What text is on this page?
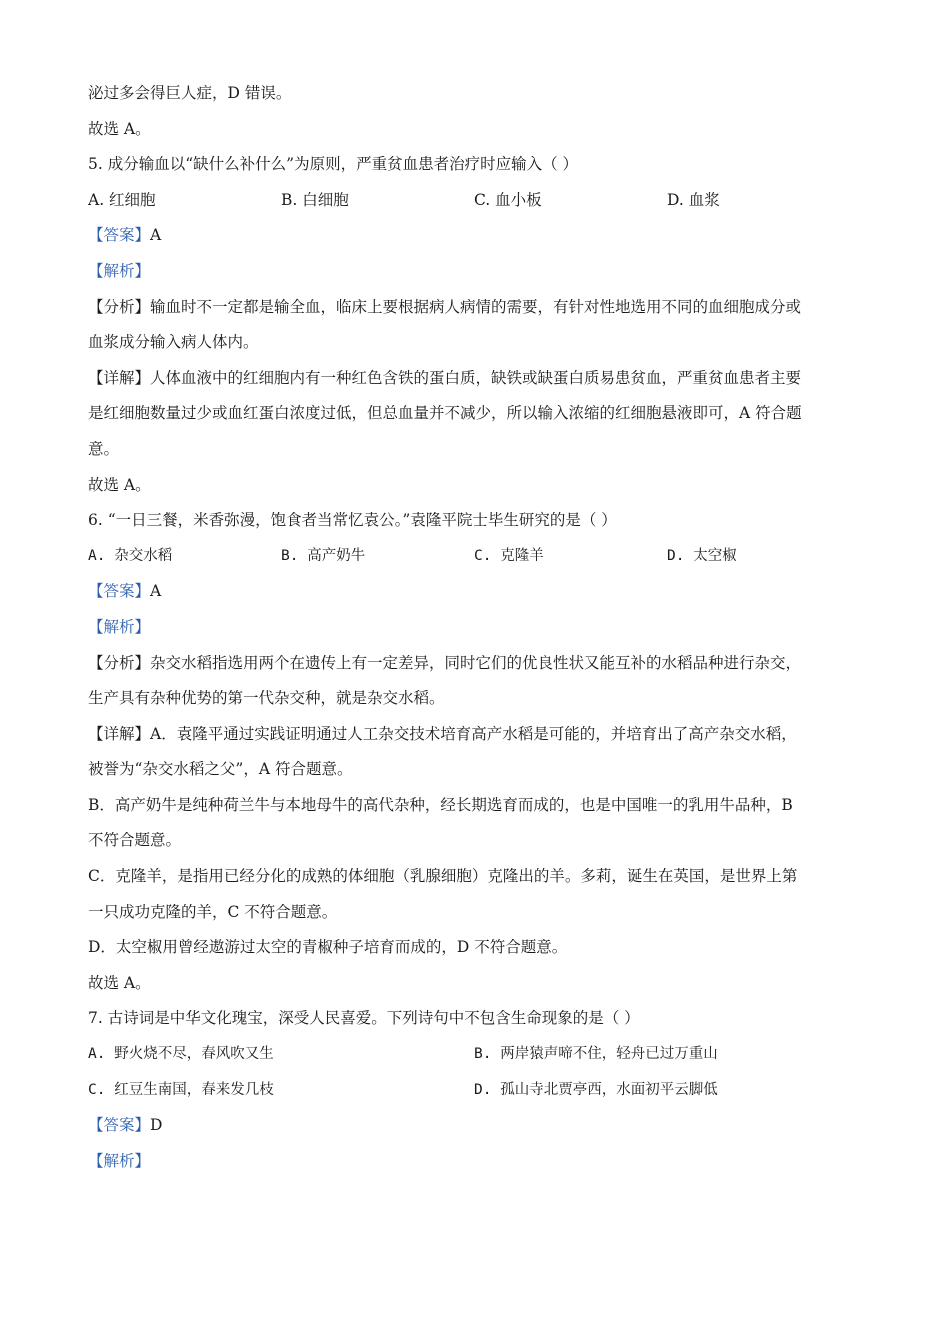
泌过多会得巨人症，D 错误。
故选 A。
5. 成分输血以“缺什么补什么”为原则，严重贫血患者治疗时应输入（ ）
A. 红细胞	B. 白细胞	C. 血小板	D. 血浆
【答案】A
【解析】
【分析】输血时不一定都是输全血，临床上要根据病人病情的需要，有针对性地选用不同的血细胞成分或
血浆成分输入病人体内。
【详解】人体血液中的红细胞内有一种红色含铁的蛋白质，缺铁或缺蛋白质易患贫血，严重贫血患者主要
是红细胞数量过少或血红蛋白浓度过低，但总血量并不减少，所以输入浓缩的红细胞悬液即可，A 符合题
意。
故选 A。
6. “一日三餐，米香弥漫，饱食者当常忆袁公。”袁隆平院士毕生研究的是（ ）
A. 杂交水稻	B. 高产奶牛	C. 克隆羊	D. 太空椒
【答案】A
【解析】
【分析】杂交水稻指选用两个在遗传上有一定差异，同时它们的优良性状又能互补的水稻品种进行杂交，
生产具有杂种优势的第一代杂交种，就是杂交水稻。
【详解】A．袁隆平通过实践证明通过人工杂交技术培育高产水稻是可能的，并培育出了高产杂交水稻，
被誉为“杂交水稻之父”，A 符合题意。
B．高产奶牛是纯种荷兰牛与本地母牛的高代杂种，经长期选育而成的，也是中国唯一的乳用牛品种，B
不符合题意。
C．克隆羊，是指用已经分化的成熟的体细胞（乳腺细胞）克隆出的羊。多莉，诞生在英国，是世界上第
一只成功克隆的羊，C 不符合题意。
D．太空椒用曾经遨游过太空的青椒种子培育而成的，D 不符合题意。
故选 A。
7. 古诗词是中华文化瑰宝，深受人民喜爱。下列诗句中不包含生命现象的是（ ）
A. 野火烧不尽，春风吹又生	B. 两岸猿声啼不住，轻舟已过万重山
C. 红豆生南国，春来发几枝	D. 孤山寺北贾亭西，水面初平云脚低
【答案】D
【解析】
